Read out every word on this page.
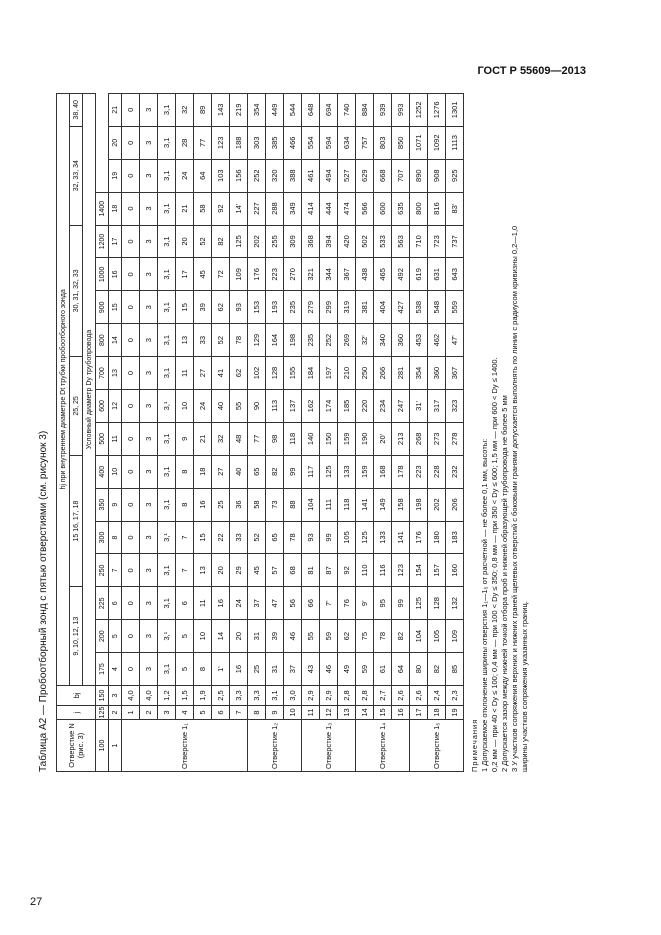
ГОСТ Р 55609—2013
Таблица А2 — Пробоотборный зонд с пятью отверстиями (см. рисунок 3)	Отверстие N (рис. 3)	j	bj	hj при внутреннем диаметре Dt трубки пробоотборного зонда																	
			9, 10, 12, 13			15 16, 17, 18				25, 25			30, 31, 32, 33				32, 33, 34			38, 40
			Условный диаметр Dy трубопровода																	
100	125	150	175	200	225	250	300	350	400	500	600	700	800	900	1000	1200	1400			
1	2	3	4	5	6	7	8	9	10	11	12	13	14	15	16	17	18	19	20	21
Отверстие 1₁	1	4,0	0	0	0	0	0	0	0	0	0	0	0	0	0	0	0	0	0	0
	2	4,0	3	3	3	3	3	3	3	3	3	3	3	3	3	3	3	3	3	3
	3	1,2	3,1	3,¹	3,1	3,1	3,¹	3,1	3,1	3,1	3,¹	3,1	3,1	3,1	3,1	3,1	3,1	3,1	3,1	3,1
	4	1,5	5	5	6	7	7	8	8	9	10	11	13	15	17	20	21	24	28	32
	5	1,9	8	10	11	13	15	16	18	21	24	27	33	39	45	52	58	64	77	89
	6	2,5	1'	14	16	20	22	25	27	32	40	41	52	62	72	82	92	103	123	143
	7	3,3	16	20	24	29	33	36	40	48	55	62	78	93	109	125	14'	156	188	219
Отверстие 1₂	8	3,3	25	31	37	45	52	58	65	77	90	102	129	153	176	202	227	252	303	354
	9	3,1	31	39	47	57	65	73	82	98	113	128	164	193	223	255	288	320	385	449
	10	3,0	37	46	56	68	78	88	99	118	137	155	198	235	270	309	349	388	466	544
Отверстие 1₃	11	2,9	43	55	66	81	93	104	117	140	162	184	235	279	321	368	414	461	554	648
	12	2,9	46	59	7'	87	99	111	125	150	174	197	252	299	344	394	444	494	594	694
	13	2,8	49	62	76	92	105	118	133	159	185	210	269	319	367	420	474	527	634	740
Отверстие 1₄	14	2,8	59	75	9'	110	125	141	159	190	220	250	32'	381	438	502	566	629	757	884
	15	2,7	61	78	95	116	133	149	168	20'	234	266	340	404	465	533	600	668	803	939
	16	2,6	64	82	99	123	141	158	178	213	247	281	360	427	492	563	635	707	850	993
Отверстие 1₅	17	2,6	80	104	125	154	176	198	223	268	31'	354	453	538	619	710	800	890	1071	1252
	18	2,4	82	105	128	157	180	202	228	273	317	360	462	548	631	723	816	908	1092	1276
	19	2,3	85	109	132	160	183	206	232	278	323	367	47'	559	643	737	83'	925	1113	1301
Примечания 1 Допускаемое отклонение ширины отверстия 1₁—1₅ от расчетной — не более 0,1 мм, высоты: 0,2 мм — при 40 < Dy ≤ 100; 0,4 мм — при 100 < Dy ≤ 350; 0,8 мм — при 350 < Dy ≤ 600; 1,5 мм — при 600 < Dy ≤ 1400. 2 Допускается зазор между нижней точкой отбора проб и нижней образующей трубопровода не более 5 мм 3 У участков сопряжения верхних и нижних граней щелевых отверстий с боковыми гранями допускается выполнять по линии с радиусом кривизны 0,2—1,0 ширины участков сопряжения указанных границ.
27
